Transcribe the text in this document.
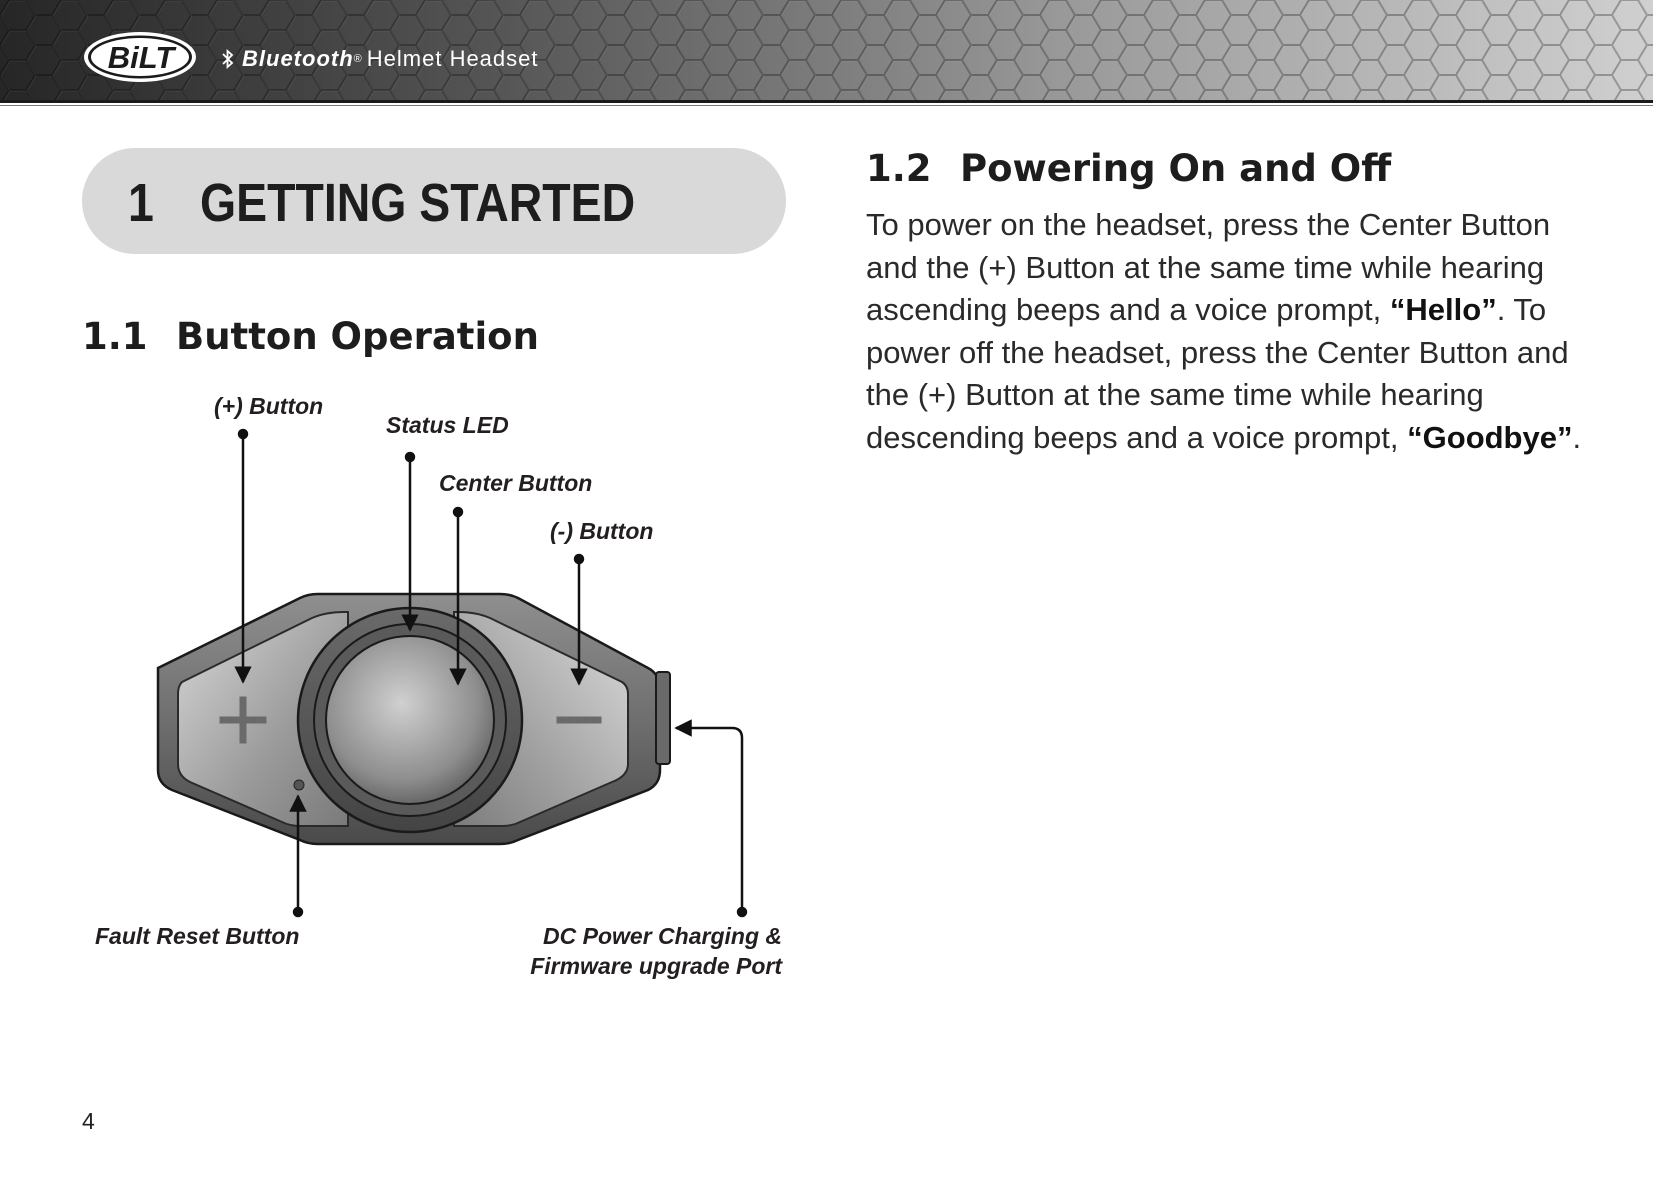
BiLT	Bluetooth ® Helmet Headset
1 GETTING STARTED
1.1 Button Operation
1.2 Powering On and Off

To power on the headset, press the Center Button and the (+) Button at the same time while hearing ascending beeps and a voice prompt, “Hello”. To power off the headset, press the Center Button and the (+) Button at the same time while hearing descending beeps and a voice prompt, “Goodbye”.

(+) Button
Status LED
Center Button
(-) Button
Fault Reset Button	DC Power Charging &
Firmware upgrade Port
4
